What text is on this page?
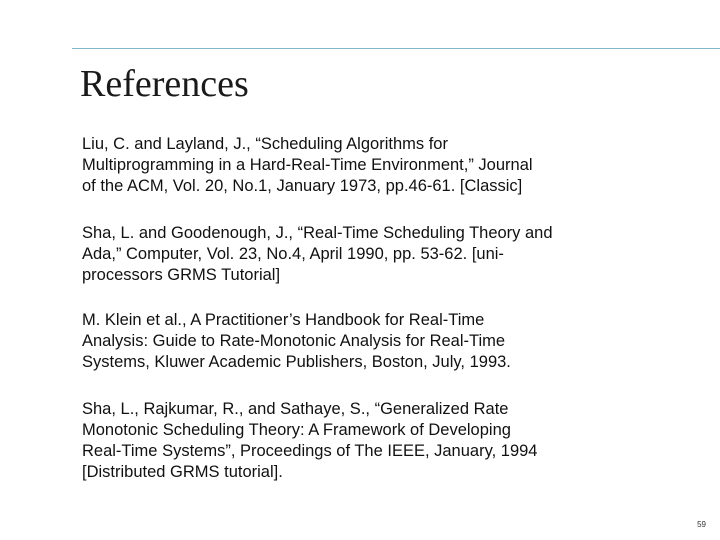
References
Liu, C. and Layland, J., “Scheduling Algorithms for
Multiprogramming in a Hard-Real-Time Environment,” Journal
of the ACM, Vol. 20, No.1, January 1973, pp.46-61. [Classic]
Sha, L. and Goodenough, J., “Real-Time Scheduling Theory and
Ada,” Computer, Vol. 23, No.4, April 1990, pp. 53-62. [uni-
processors GRMS Tutorial]
M. Klein et al., A Practitioner’s Handbook for Real-Time
Analysis: Guide to Rate-Monotonic Analysis for Real-Time
Systems, Kluwer Academic Publishers, Boston, July, 1993.
Sha, L., Rajkumar, R., and Sathaye, S., “Generalized Rate
Monotonic Scheduling Theory: A Framework of Developing
Real-Time Systems”, Proceedings of The IEEE, January, 1994
[Distributed GRMS tutorial].
59
